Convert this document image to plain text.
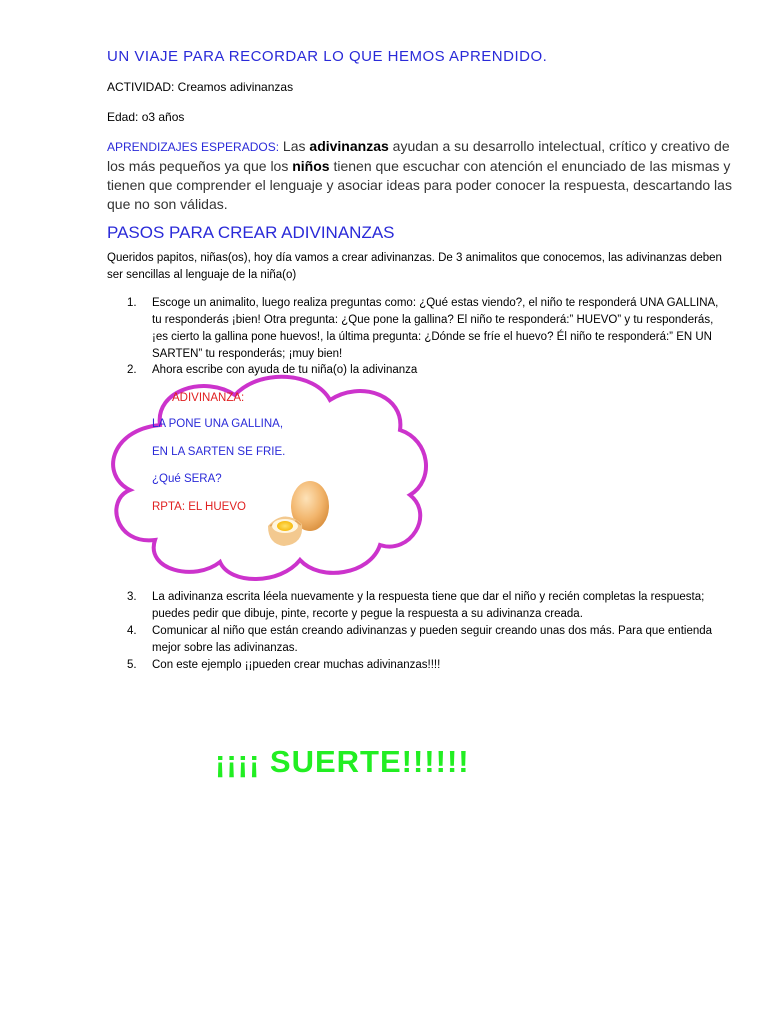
UN VIAJE PARA RECORDAR LO QUE HEMOS APRENDIDO.
ACTIVIDAD: Creamos adivinanzas
Edad: o3 años
APRENDIZAJES ESPERADOS: Las adivinanzas ayudan a su desarrollo intelectual, crítico y creativo de los más pequeños ya que los niños tienen que escuchar con atención el enunciado de las mismas y tienen que comprender el lenguaje y asociar ideas para poder conocer la respuesta, descartando las que no son válidas.
PASOS PARA CREAR ADIVINANZAS
Queridos papitos, niñas(os), hoy día vamos a crear adivinanzas. De 3 animalitos que conocemos, las adivinanzas deben ser sencillas al lenguaje de la niña(o)
1. Escoge un animalito, luego realiza preguntas como: ¿Qué estas viendo?, el niño te responderá UNA GALLINA, tu responderás ¡bien! Otra pregunta: ¿Que pone la gallina? El niño te responderá:” HUEVO” y tu responderás, ¡es cierto la gallina pone huevos!, la última pregunta: ¿Dónde se fríe el huevo? Él niño te responderá:” EN UN SARTEN” tu responderás; ¡muy bien!
2. Ahora escribe con ayuda de tu niña(o) la adivinanza
ADIVINANZA:
LA PONE UNA GALLINA,
EN LA SARTEN SE FRIE.
¿Qué SERA?
RPTA: EL HUEVO
3. La adivinanza escrita léela nuevamente y la respuesta tiene que dar el niño y recién completas la respuesta; puedes pedir que dibuje, pinte, recorte y pegue la respuesta a su adivinanza creada.
4. Comunicar al niño que están creando adivinanzas y pueden seguir creando unas dos más. Para que entienda mejor sobre las adivinanzas.
5. Con este ejemplo ¡¡pueden crear muchas adivinanzas!!!!
¡¡¡¡ SUERTE!!!!!!
